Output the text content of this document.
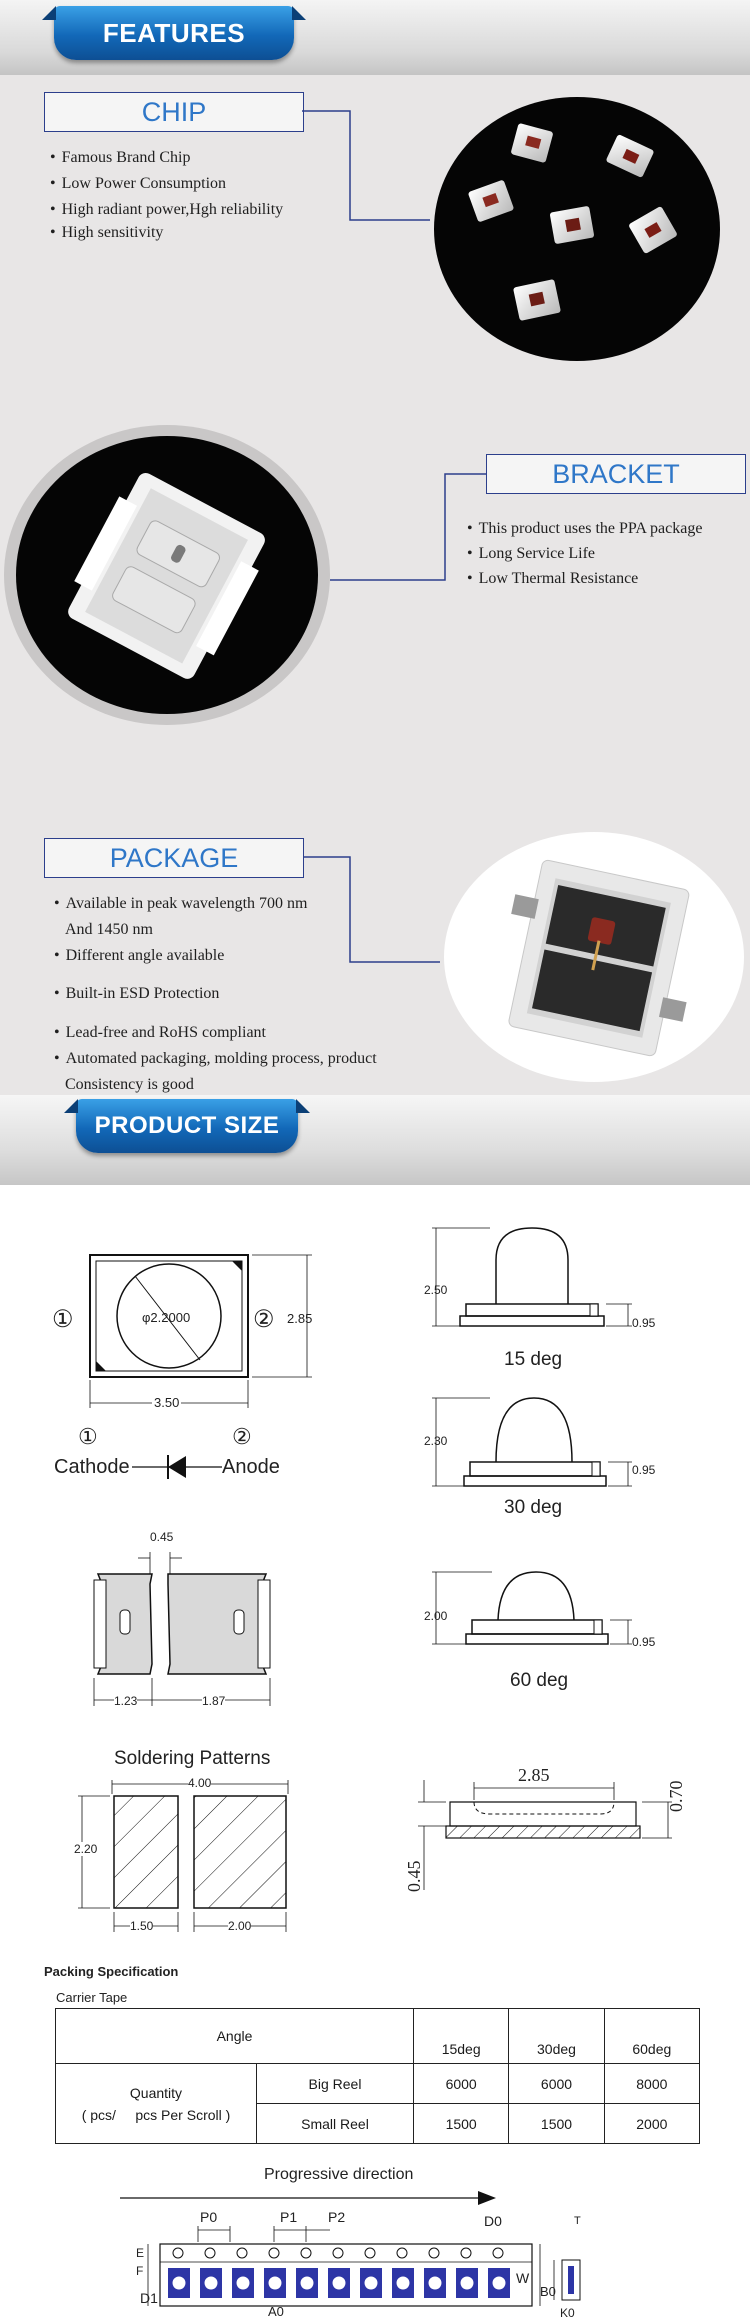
FEATURES
CHIP
• Famous Brand Chip
• Low Power Consumption
• High radiant power,Hgh reliability
• High sensitivity
BRACKET
• This product uses the PPA package
• Long Service Life
• Low Thermal Resistance
PACKAGE
• Available in peak wavelength 700 nm
And 1450 nm
• Different angle available
• Built-in ESD Protection
• Lead-free and RoHS compliant
• Automated packaging, molding process, product
Consistency is good
PRODUCT SIZE
φ2.2000	2.85
3.50
①	②
①	②
Cathode	Anode
2.50
0.95
15 deg
2.30
0.95
30 deg
2.00
0.95
60 deg
0.45
1.23	1.87
Soldering Patterns
4.00
2.20
1.50	2.00
2.85
0.70
0.45
Packing Specification
Carrier Tape
Angle		15deg	30deg	60deg

Quantity
( pcs/     pcs Per Scroll )	Big Reel	6000	6000	8000
	Small Reel	1500	1500	2000
Progressive direction
P0	P1 P2	D0	T
E
F	W
B0
D1
A0	K0
